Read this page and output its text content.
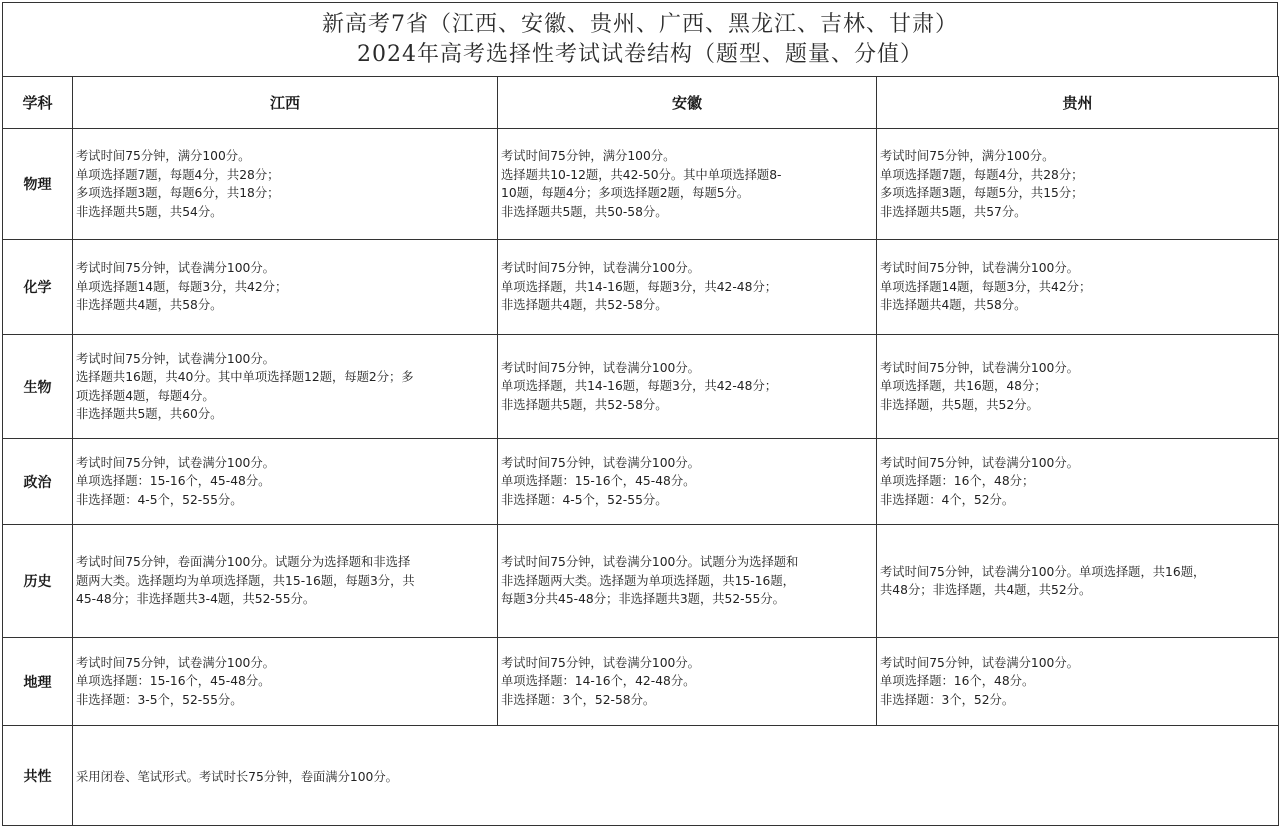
新高考7省（江西、安徽、贵州、广西、黑龙江、吉林、甘肃）
2024年高考选择性考试试卷结构（题型、题量、分值）
学科	江西	安徽	贵州
物理	考试时间75分钟，满分100分。
单项选择题7题，每题4分，共28分；
多项选择题3题，每题6分，共18分；
非选择题共5题，共54分。	考试时间75分钟，满分100分。
选择题共10-12题，共42-50分。其中单项选择题8-
10题，每题4分；多项选择题2题，每题5分。
非选择题共5题，共50-58分。	考试时间75分钟，满分100分。
单项选择题7题，每题4分，共28分；
多项选择题3题，每题5分，共15分；
非选择题共5题，共57分。

化学	考试时间75分钟，试卷满分100分。
单项选择题14题，每题3分，共42分；
非选择题共4题，共58分。	考试时间75分钟，试卷满分100分。
单项选择题，共14-16题，每题3分，共42-48分；
非选择题共4题，共52-58分。	考试时间75分钟，试卷满分100分。
单项选择题14题，每题3分，共42分；
非选择题共4题，共58分。

生物	考试时间75分钟，试卷满分100分。
选择题共16题，共40分。其中单项选择题12题，每题2分；多
项选择题4题，每题4分。
非选择题共5题，共60分。	考试时间75分钟，试卷满分100分。
单项选择题，共14-16题，每题3分，共42-48分；
非选择题共5题，共52-58分。	考试时间75分钟，试卷满分100分。
单项选择题，共16题，48分；
非选择题，共5题，共52分。

政治	考试时间75分钟，试卷满分100分。
单项选择题：15-16个，45-48分。
非选择题：4-5个，52-55分。	考试时间75分钟，试卷满分100分。
单项选择题：15-16个，45-48分。
非选择题：4-5个，52-55分。	考试时间75分钟，试卷满分100分。
单项选择题：16个，48分；
非选择题：4个，52分。

历史	考试时间75分钟，卷面满分100分。试题分为选择题和非选择
题两大类。选择题均为单项选择题，共15-16题，每题3分，共
45-48分；非选择题共3-4题，共52-55分。	考试时间75分钟，试卷满分100分。试题分为选择题和
非选择题两大类。选择题为单项选择题，共15-16题，
每题3分共45-48分；非选择题共3题，共52-55分。	考试时间75分钟，试卷满分100分。单项选择题，共16题，
共48分；非选择题，共4题，共52分。

地理	考试时间75分钟，试卷满分100分。
单项选择题：15-16个，45-48分。
非选择题：3-5个，52-55分。	考试时间75分钟，试卷满分100分。
单项选择题：14-16个，42-48分。
非选择题：3个，52-58分。	考试时间75分钟，试卷满分100分。
单项选择题：16个，48分。
非选择题：3个，52分。

共性	采用闭卷、笔试形式。考试时长75分钟，卷面满分100分。		
